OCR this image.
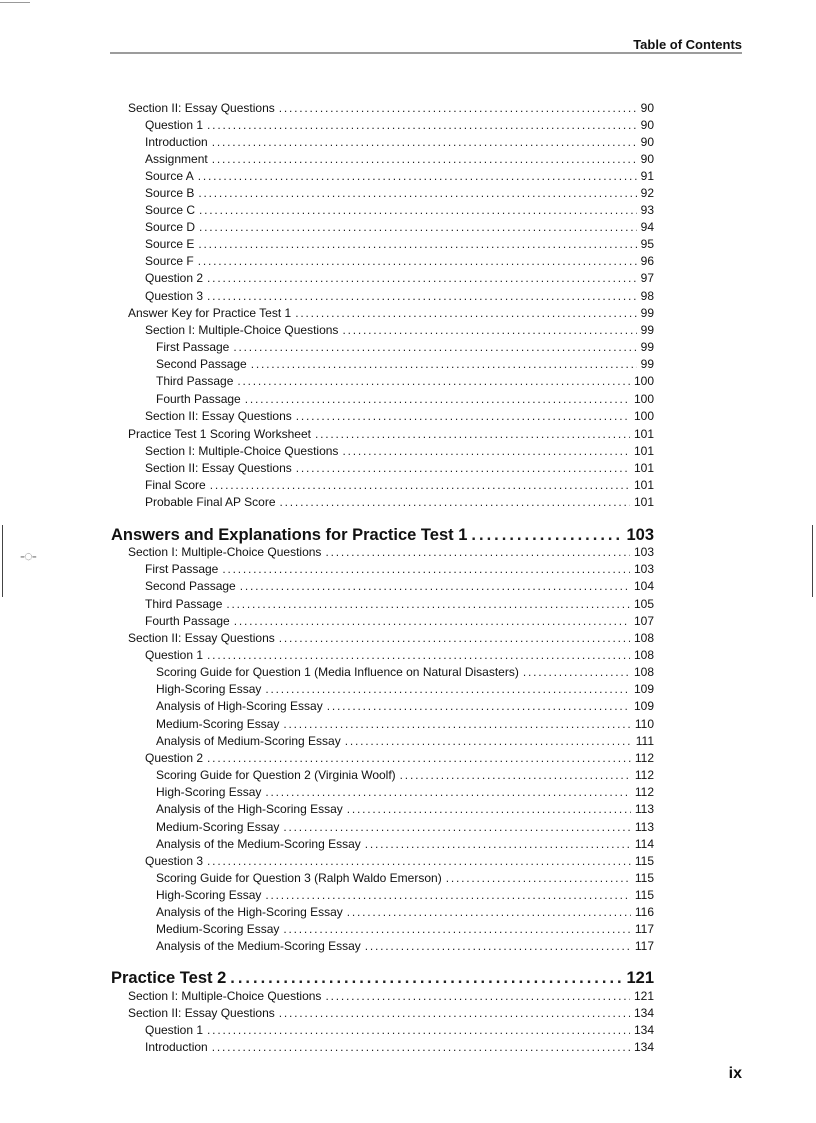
-◌-
Table of Contents
Section II: Essay Questions .....	90
Question 1 .....	90
Introduction .....	90
Assignment .....	90
Source A .....	91
Source B .....	92
Source C .....	93
Source D .....	94
Source E .....	95
Source F .....	96
Question 2 .....	97
Question 3 .....	98
Answer Key for Practice Test 1 .....	99
Section I: Multiple-Choice Questions .....	99
First Passage .....	99
Second Passage .....	99
Third Passage .....	100
Fourth Passage .....	100
Section II: Essay Questions .....	100
Practice Test 1 Scoring Worksheet .....	101
Section I: Multiple-Choice Questions .....	101
Section II: Essay Questions .....	101
Final Score .....	101
Probable Final AP Score .....	101
Answers and Explanations for Practice Test 1 .....	103
Section I: Multiple-Choice Questions .....	103
First Passage .....	103
Second Passage .....	104
Third Passage .....	105
Fourth Passage .....	107
Section II: Essay Questions .....	108
Question 1 .....	108
Scoring Guide for Question 1 (Media Influence on Natural Disasters) .....	108
High-Scoring Essay .....	109
Analysis of High-Scoring Essay .....	109
Medium-Scoring Essay .....	110
Analysis of Medium-Scoring Essay .....	111
Question 2 .....	112
Scoring Guide for Question 2 (Virginia Woolf) .....	112
High-Scoring Essay .....	112
Analysis of the High-Scoring Essay .....	113
Medium-Scoring Essay .....	113
Analysis of the Medium-Scoring Essay .....	114
Question 3 .....	115
Scoring Guide for Question 3 (Ralph Waldo Emerson) .....	115
High-Scoring Essay .....	115
Analysis of the High-Scoring Essay .....	116
Medium-Scoring Essay .....	117
Analysis of the Medium-Scoring Essay .....	117
Practice Test 2 .....	121
Section I: Multiple-Choice Questions .....	121
Section II: Essay Questions .....	134
Question 1 .....	134
Introduction .....	134
ix
